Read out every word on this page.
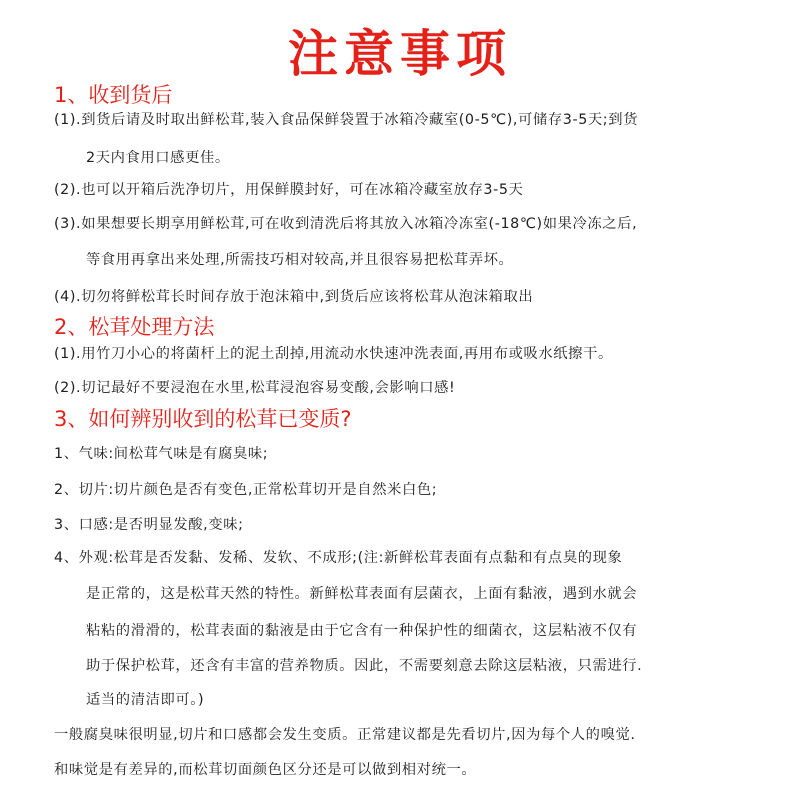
注意事项
1、收到货后
(1).到货后请及时取出鲜松茸,装入食品保鲜袋置于冰箱冷藏室(0-5℃),可储存3-5天;到货
2天内食用口感更佳。
(2).也可以开箱后洗净切片，用保鲜膜封好，可在冰箱冷藏室放存3-5天
(3).如果想要长期享用鲜松茸,可在收到清洗后将其放入冰箱冷冻室(-18℃)如果冷冻之后,
等食用再拿出来处理,所需技巧相对较高,并且很容易把松茸弄坏。
(4).切勿将鲜松茸长时间存放于泡沫箱中,到货后应该将松茸从泡沫箱取出
2、松茸处理方法
(1).用竹刀小心的将菌杆上的泥土刮掉,用流动水快速冲洗表面,再用布或吸水纸擦干。
(2).切记最好不要浸泡在水里,松茸浸泡容易变酸,会影响口感!
3、如何辨别收到的松茸已变质?
1、气味:间松茸气味是有腐臭味;
2、切片:切片颜色是否有变色,正常松茸切开是自然米白色;
3、口感:是否明显发酸,变味;
4、外观:松茸是否发黏、发稀、发软、不成形;(注:新鲜松茸表面有点黏和有点臭的现象
是正常的，这是松茸天然的特性。新鲜松茸表面有层菌衣，上面有黏液，遇到水就会
粘粘的滑滑的，松茸表面的黏液是由于它含有一种保护性的细菌衣，这层粘液不仅有
助于保护松茸，还含有丰富的营养物质。因此，不需要刻意去除这层粘液，只需进行.
适当的清洁即可。)
一般腐臭味很明显,切片和口感都会发生变质。正常建议都是先看切片,因为每个人的嗅觉.
和味觉是有差异的,而松茸切面颜色区分还是可以做到相对统一。
